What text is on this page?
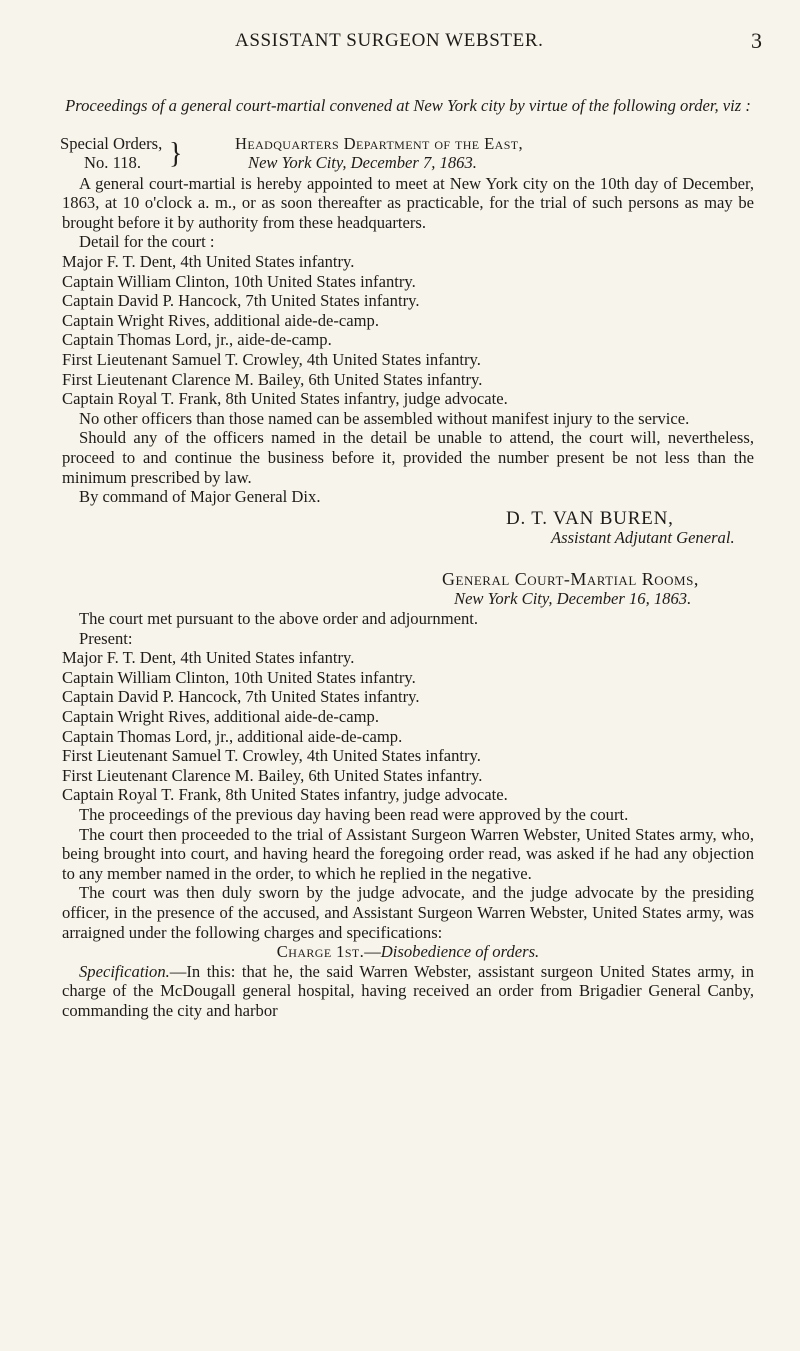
ASSISTANT SURGEON WEBSTER.	3

Proceedings of a general court-martial convened at New York city by virtue of the following order, viz :

Special Orders,
No. 118. }	Headquarters Department of the East,
New York City, December 7, 1863.

A general court-martial is hereby appointed to meet at New York city on the 10th day of December, 1863, at 10 o'clock a. m., or as soon thereafter as practicable, for the trial of such persons as may be brought before it by authority from these headquarters.

Detail for the court :

Major F. T. Dent, 4th United States infantry.

Captain William Clinton, 10th United States infantry.

Captain David P. Hancock, 7th United States infantry.

Captain Wright Rives, additional aide-de-camp.

Captain Thomas Lord, jr., aide-de-camp.

First Lieutenant Samuel T. Crowley, 4th United States infantry.

First Lieutenant Clarence M. Bailey, 6th United States infantry.

Captain Royal T. Frank, 8th United States infantry, judge advocate.

No other officers than those named can be assembled without manifest injury to the service.

Should any of the officers named in the detail be unable to attend, the court will, nevertheless, proceed to and continue the business before it, provided the number present be not less than the minimum prescribed by law.

By command of Major General Dix.

D. T. VAN BUREN,
Assistant Adjutant General.
General Court-Martial Rooms,
New York City, December 16, 1863.

The court met pursuant to the above order and adjournment.

Present:

Major F. T. Dent, 4th United States infantry.

Captain William Clinton, 10th United States infantry.

Captain David P. Hancock, 7th United States infantry.

Captain Wright Rives, additional aide-de-camp.

Captain Thomas Lord, jr., additional aide-de-camp.

First Lieutenant Samuel T. Crowley, 4th United States infantry.

First Lieutenant Clarence M. Bailey, 6th United States infantry.

Captain Royal T. Frank, 8th United States infantry, judge advocate.

The proceedings of the previous day having been read were approved by the court.

The court then proceeded to the trial of Assistant Surgeon Warren Webster, United States army, who, being brought into court, and having heard the foregoing order read, was asked if he had any objection to any member named in the order, to which he replied in the negative.

The court was then duly sworn by the judge advocate, and the judge advocate by the presiding officer, in the presence of the accused, and Assistant Surgeon Warren Webster, United States army, was arraigned under the following charges and specifications:

Charge 1st.—Disobedience of orders.

Specification.—In this: that he, the said Warren Webster, assistant surgeon United States army, in charge of the McDougall general hospital, having received an order from Brigadier General Canby, commanding the city and harbor
